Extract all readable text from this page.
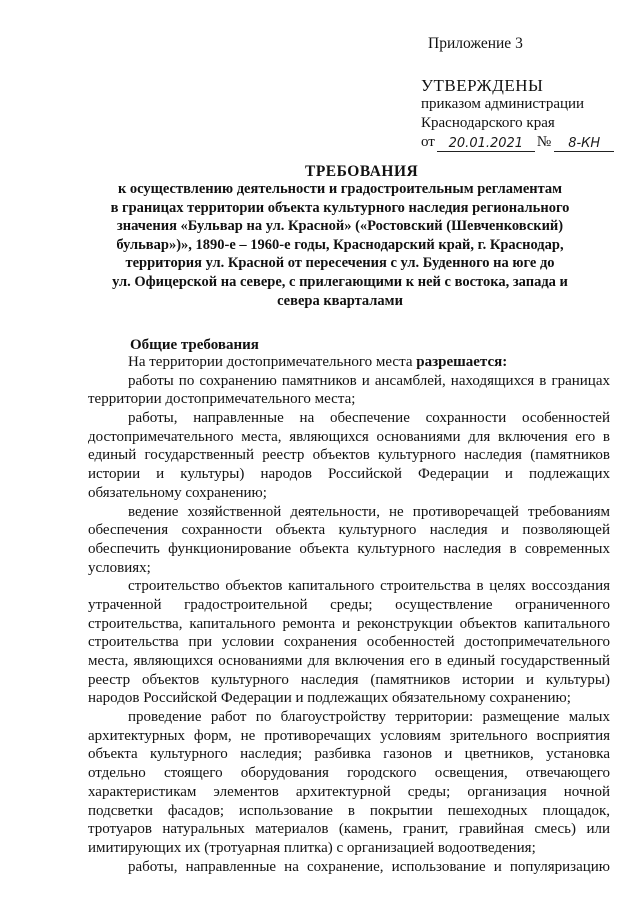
Приложение 3
УТВЕРЖДЕНЫ
приказом администрации
Краснодарского края
от	20.01.2021 №	8-КН
ТРЕБОВАНИЯ
к осуществлению деятельности и градостроительным регламентам
в границах территории объекта культурного наследия регионального
значения «Бульвар на ул. Красной» («Ростовский (Шевченковский)
бульвар»)», 1890-е – 1960-е годы, Краснодарский край, г. Краснодар,
территория ул. Красной от пересечения с ул. Буденного на юге до
ул. Офицерской на севере, с прилегающими к ней с востока, запада и
севера кварталами
Общие требования
На территории достопримечательного места разрешается:
работы по сохранению памятников и ансамблей, находящихся в границах
территории достопримечательного места;
работы, направленные на обеспечение сохранности особенностей
достопримечательного места, являющихся основаниями для включения его в
единый государственный реестр объектов культурного наследия (памятников
истории и культуры) народов Российской Федерации и подлежащих
обязательному сохранению;
ведение хозяйственной деятельности, не противоречащей требованиям
обеспечения сохранности объекта культурного наследия и позволяющей
обеспечить функционирование объекта культурного наследия в современных
условиях;
строительство объектов капитального строительства в целях воссоздания
утраченной градостроительной среды; осуществление ограниченного
строительства, капитального ремонта и реконструкции объектов капитального
строительства при условии сохранения особенностей достопримечательного
места, являющихся основаниями для включения его в единый государственный
реестр объектов культурного наследия (памятников истории и культуры)
народов Российской Федерации и подлежащих обязательному сохранению;
проведение работ по благоустройству территории: размещение малых
архитектурных форм, не противоречащих условиям зрительного восприятия
объекта культурного наследия; разбивка газонов и цветников, установка
отдельно стоящего оборудования городского освещения, отвечающего
характеристикам элементов архитектурной среды; организация ночной
подсветки фасадов; использование в покрытии пешеходных площадок,
тротуаров натуральных материалов (камень, гранит, гравийная смесь) или
имитирующих их (тротуарная плитка) с организацией водоотведения;
работы, направленные на сохранение, использование и популяризацию
